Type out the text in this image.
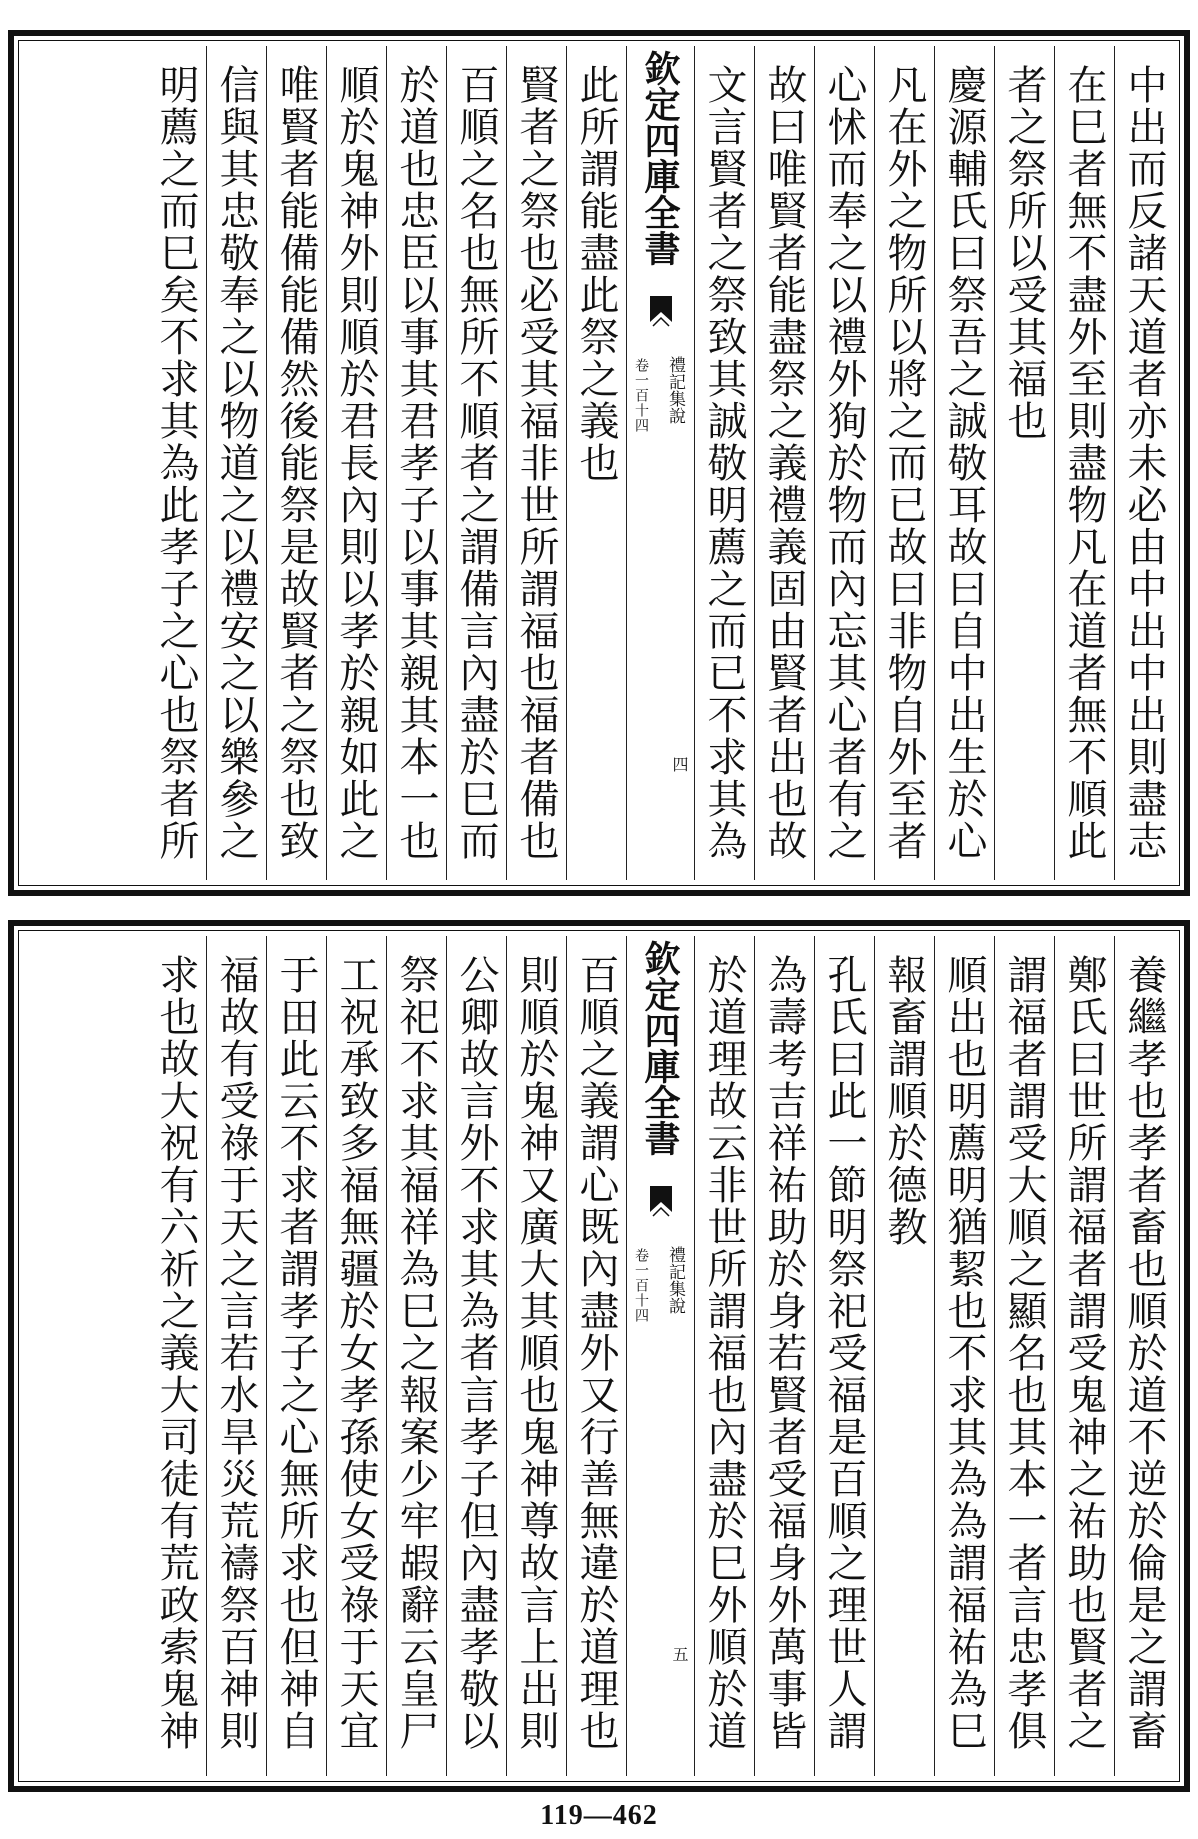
中出而反諸天道者亦未必由中出中出則盡志
在巳者無不盡外至則盡物凡在道者無不順此
者之祭所以受其福也
慶源輔氏曰祭吾之誠敬耳故曰自中出生於心
凡在外之物所以將之而已故曰非物自外至者
心怵而奉之以禮外狥於物而內忘其心者有之
故曰唯賢者能盡祭之義禮義固由賢者出也故
文言賢者之祭致其誠敬明薦之而已不求其為
欽定四庫全書
禮記集說
四
卷一百十四
此所謂能盡此祭之義也
賢者之祭也必受其福非世所謂福也福者備也
百順之名也無所不順者之謂備言內盡於巳而
於道也忠臣以事其君孝子以事其親其本一也
順於鬼神外則順於君長內則以孝於親如此之
唯賢者能備能備然後能祭是故賢者之祭也致
信與其忠敬奉之以物道之以禮安之以樂參之
明薦之而巳矣不求其為此孝子之心也祭者所
養繼孝也孝者畜也順於道不逆於倫是之謂畜
鄭氏曰世所謂福者謂受鬼神之祐助也賢者之
謂福者謂受大順之顯名也其本一者言忠孝俱
順出也明薦明猶絜也不求其為為謂福祐為巳
報畜謂順於德教
孔氏曰此一節明祭祀受福是百順之理世人謂
為壽考吉祥祐助於身若賢者受福身外萬事皆
於道理故云非世所謂福也內盡於巳外順於道
欽定四庫全書
禮記集說
五
卷一百十四
百順之義謂心既內盡外又行善無違於道理也
則順於鬼神又廣大其順也鬼神尊故言上出則
公卿故言外不求其為者言孝子但內盡孝敬以
祭祀不求其福祥為巳之報案少牢嘏辭云皇尸
工祝承致多福無疆於女孝孫使女受祿于天宜
于田此云不求者謂孝子之心無所求也但神自
福故有受祿于天之言若水旱災荒禱祭百神則
求也故大祝有六祈之義大司徒有荒政索鬼神
119—462
